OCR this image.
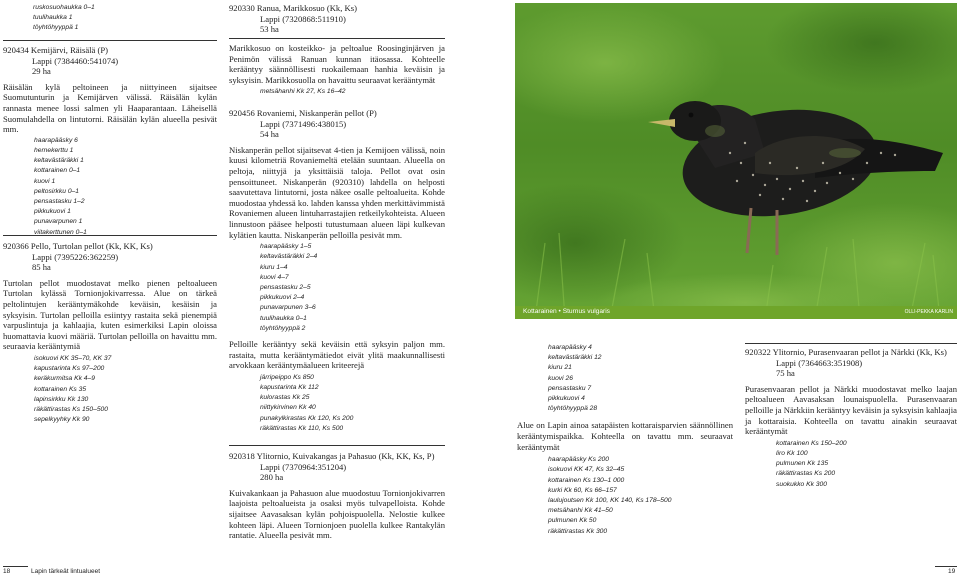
ruskosuohaukka 0–1
tuulihaukka 1
töyhtöhyyppä 1
920434 Kemijärvi, Räisälä (P)
Lappi (7384460:541074)
29 ha
Räisälän kylä peltoineen ja niittyineen sijaitsee Suomutunturin ja Kemijärven välissä. Räisälän kylän rannasta menee lossi salmen yli Haaparantaan. Läheisellä Suomulahdella on lintutorni. Räisälän kylän alueella pesivät mm.
haarapääsky 6
hernekerttu 1
keltavästäräkki 1
kottarainen 0–1
kuovi 1
peltosirkku 0–1
pensastasku 1–2
pikkukuovi 1
punavarpunen 1
viitakerttunen 0–1
920366 Pello, Turtolan pellot (Kk, KK, Ks)
Lappi (7395226:362259)
85 ha
Turtolan pellot muodostavat melko pienen peltoalueen Turtolan kylässä Tornionjokivarressa. Alue on tärkeä peltolintujen kerääntymäkohde keväisin, kesäisin ja syksyisin. Turtolan pelloilla esiintyy rastaita sekä pienempiä varpuslintuja ja kahlaajia, kuten esimerkiksi Lapin oloissa huomattavia kuovi määriä. Turtolan pelloilla on havaittu mm. seuraavia kerääntymiä
isokuovi KK 35–70, KK 37
kapustarinta Ks 97–200
keräkurmitsa Kk 4–9
kottarainen Ks 35
lapinsirkku Kk 130
räkättirastas Ks 150–500
sepelkyyhky Kk 90
920330 Ranua, Marikkosuo (Kk, Ks)
Lappi (7320868:511910)
53 ha
Marikkosuo on kosteikko- ja peltoalue Roosinginjärven ja Penimön välissä Ranuan kunnan itäosassa. Kohteelle kerääntyy säännöllisesti ruokailemaan hanhia keväisin ja syksyisin. Marikkosuolla on havaittu seuraavat kerääntymät
metsähanhi Kk 27, Ks 16–42
920456 Rovaniemi, Niskanperän pellot (P)
Lappi (7371496:438015)
54 ha
Niskanperän pellot sijaitsevat 4-tien ja Kemijoen välissä, noin kuusi kilometriä Rovaniemeltä etelään suuntaan. Alueella on peltoja, niittyjä ja yksittäisiä taloja. Pellot ovat osin pensoittuneet. Niskanperän (920310) lahdella on helposti saavutettava lintutorni, josta näkee osalle peltoalueita. Kohde muodostaa yhdessä ko. lahden kanssa yhden merkittävimmistä Rovaniemen alueen lintuharrastajien retkeilykohteista. Alueen linnustoon pääsee helposti tutustumaan alueen läpi kulkevan kylätien kautta. Niskanperän pelloilla pesivät mm.
haarapääsky 1–5
keltavästäräkki 2–4
kiuru 1–4
kuovi 4–7
pensastasku 2–5
pikkukuovi 2–4
punavarpunen 3–6
tuulihaukka 0–1
töyhtöhyyppä 2
Pelloille kerääntyy sekä keväisin että syksyin paljon mm. rastaita, mutta kerääntymätiedot eivät ylitä maakunnallisesti arvokkaan kerääntymäalueen kriteerejä
järripeippo Ks 850
kapustarinta Kk 112
kulorastas Kk 25
niittykirvinen Kk 40
punakylkirastas Kk 120, Ks 200
räkättirastas Kk 110, Ks 500
920318 Ylitornio, Kuivakangas ja Pahasuo (Kk, KK, Ks, P)
Lappi (7370964:351204)
280 ha
Kuivakankaan ja Pahasuon alue muodostuu Tornionjokivarren laajoista peltoalueista ja osaksi myös tulvapelloista. Kohde sijaitsee Aavasaksan kylän pohjoispuolella. Nelostie kulkee kohteen läpi. Alueen Tornionjoen puolella kulkee Rantakylän rantatie. Alueella pesivät mm.
Kottarainen • Sturnus vulgaris	OLLI-PEKKA KARLIN
haarapääsky 4
keltavästäräkki 12
kiuru 21
kuovi 26
pensastasku 7
pikkukuovi 4
töyhtöhyyppä 28
Alue on Lapin ainoa satapäisten kottaraisparvien säännöllinen kerääntymispaikka. Kohteella on tavattu mm. seuraavat kerääntymät
haarapääsky Ks 200
isokuovi KK 47, Ks 32–45
kottarainen Ks 130–1 000
kurki Kk 60, Ks 66–157
laulujoutsen Kk 100, KK 140, Ks 178–500
metsähanhi Kk 41–50
pulmunen Kk 50
räkättirastas Kk 300
920322 Ylitornio, Purasenvaaran pellot ja Närkki (Kk, Ks)
Lappi (7364663:351908)
75 ha
Purasenvaaran pellot ja Närkki muodostavat melko laajan peltoalueen Aavasaksan lounaispuolella. Purasenvaaran pelloille ja Närkkiin kerääntyy keväisin ja syksyisin kahlaajia ja kottaraisia. Kohteella on tavattu ainakin seuraavat kerääntymät
kottarainen Ks 150–200
liro Kk 100
pulmunen Kk 135
räkättirastas Ks 200
suokukko Kk 300
18	Lapin tärkeät lintualueet	19
